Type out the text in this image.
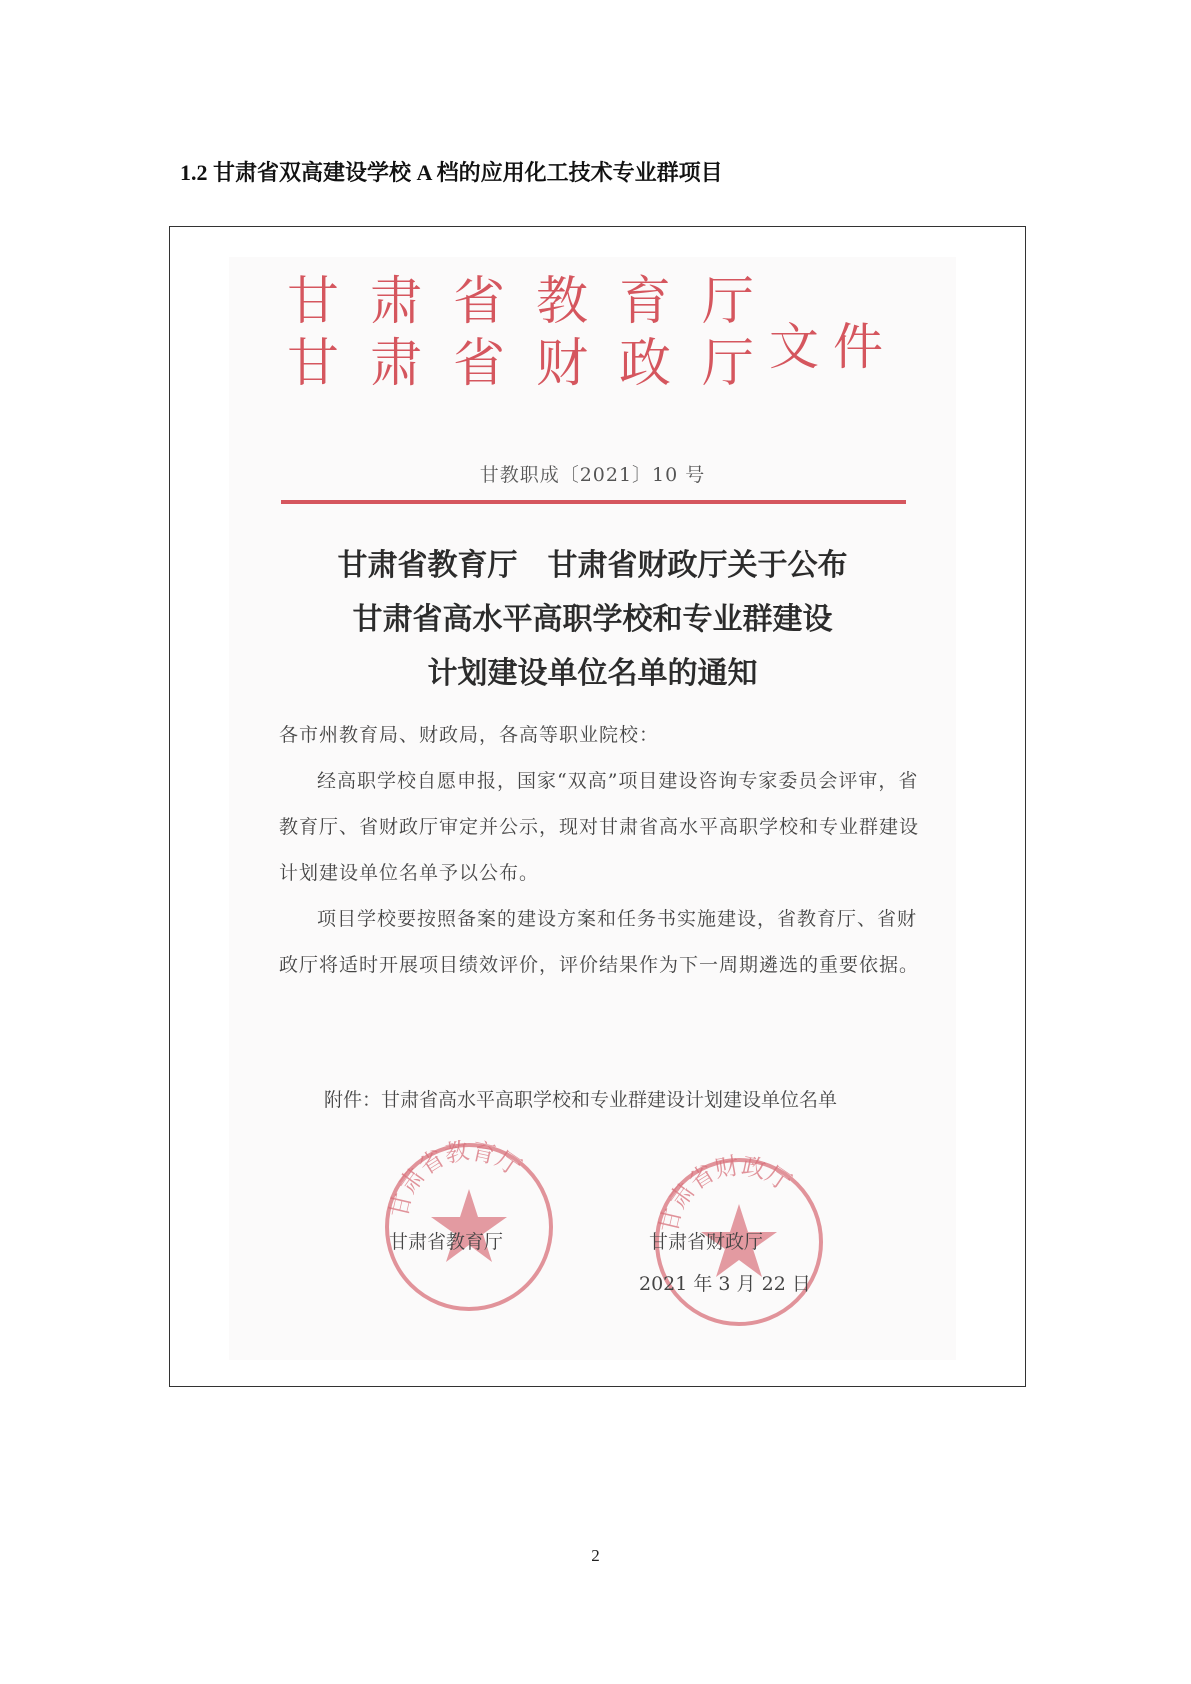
1.2 甘肃省双高建设学校 A 档的应用化工技术专业群项目
甘 肃 省 教 育 厅
甘 肃 省 财 政 厅 文件
甘教职成〔2021〕10 号
甘肃省教育厅　甘肃省财政厅关于公布
甘肃省高水平高职学校和专业群建设
计划建设单位名单的通知

各市州教育局、财政局，各高等职业院校：

经高职学校自愿申报，国家“双高”项目建设咨询专家委员会评审，省教育厅、省财政厅审定并公示，现对甘肃省高水平高职学校和专业群建设计划建设单位名单予以公布。

项目学校要按照备案的建设方案和任务书实施建设，省教育厅、省财政厅将适时开展项目绩效评价，评价结果作为下一周期遴选的重要依据。

附件：甘肃省高水平高职学校和专业群建设计划建设单位名单
甘肃省教育厅
甘肃省财政厅
甘肃省教育厅	甘肃省财政厅
2021 年 3 月 22 日
2
